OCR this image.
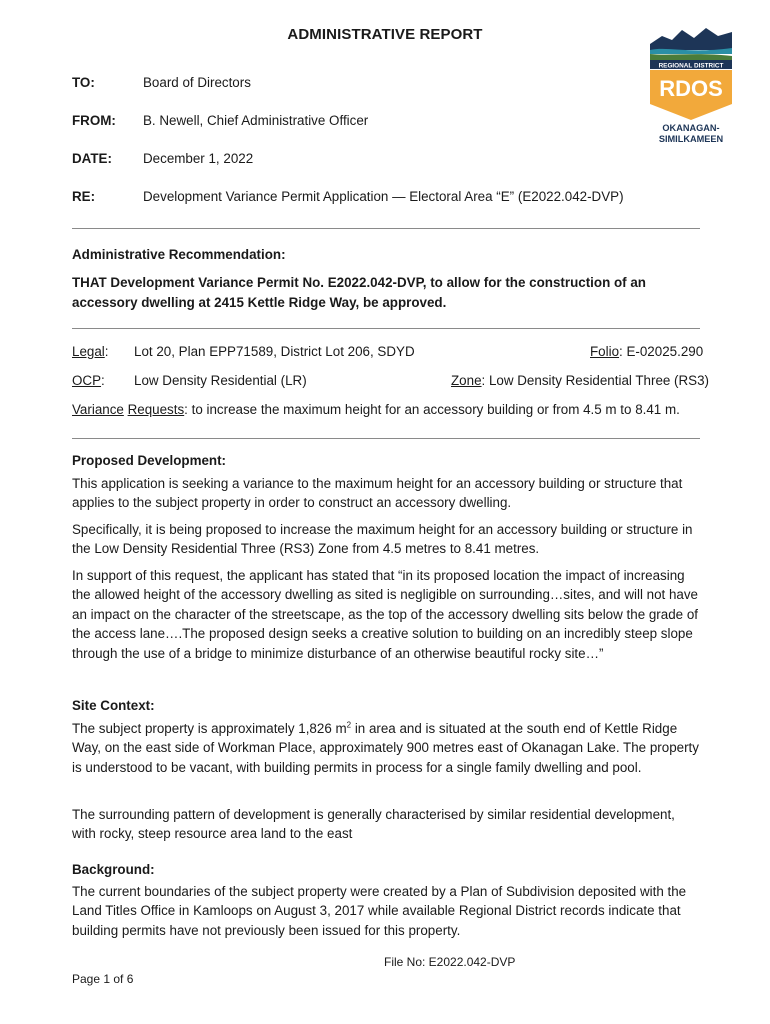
ADMINISTRATIVE REPORT
REGIONAL DISTRICT
RDOS
OKANAGAN-
SIMILKAMEEN
TO:	Board of Directors
FROM: B. Newell, Chief Administrative Officer
DATE: December 1, 2022
RE:	Development Variance Permit Application — Electoral Area “E” (E2022.042-DVP)
Administrative Recommendation:
THAT Development Variance Permit No. E2022.042-DVP, to allow for the construction of an
accessory dwelling at 2415 Kettle Ridge Way, be approved.
Legal: Lot 20, Plan EPP71589, District Lot 206, SDYD	Folio: E-02025.290
OCP: Low Density Residential (LR)	Zone: Low Density Residential Three (RS3)
Variance Requests: to increase the maximum height for an accessory building or from 4.5 m to 8.41 m.
Proposed Development:

This application is seeking a variance to the maximum height for an accessory building or structure that applies to the subject property in order to construct an accessory dwelling.

Specifically, it is being proposed to increase the maximum height for an accessory building or structure in the Low Density Residential Three (RS3) Zone from 4.5 metres to 8.41 metres.

In support of this request, the applicant has stated that “in its proposed location the impact of increasing the allowed height of the accessory dwelling as sited is negligible on surrounding…sites, and will not have an impact on the character of the streetscape, as the top of the accessory dwelling sits below the grade of the access lane….The proposed design seeks a creative solution to building on an incredibly steep slope through the use of a bridge to minimize disturbance of an otherwise beautiful rocky site…”

Site Context:

The subject property is approximately 1,826 $m^2$ in area and is situated at the south end of Kettle Ridge Way, on the east side of Workman Place, approximately 900 metres east of Okanagan Lake. The property is understood to be vacant, with building permits in process for a single family dwelling and pool.

The surrounding pattern of development is generally characterised by similar residential development, with rocky, steep resource area land to the east

Background:

The current boundaries of the subject property were created by a Plan of Subdivision deposited with the Land Titles Office in Kamloops on August 3, 2017 while available Regional District records indicate that building permits have not previously been issued for this property.

File No: E2022.042-DVP
Page 1 of 6
